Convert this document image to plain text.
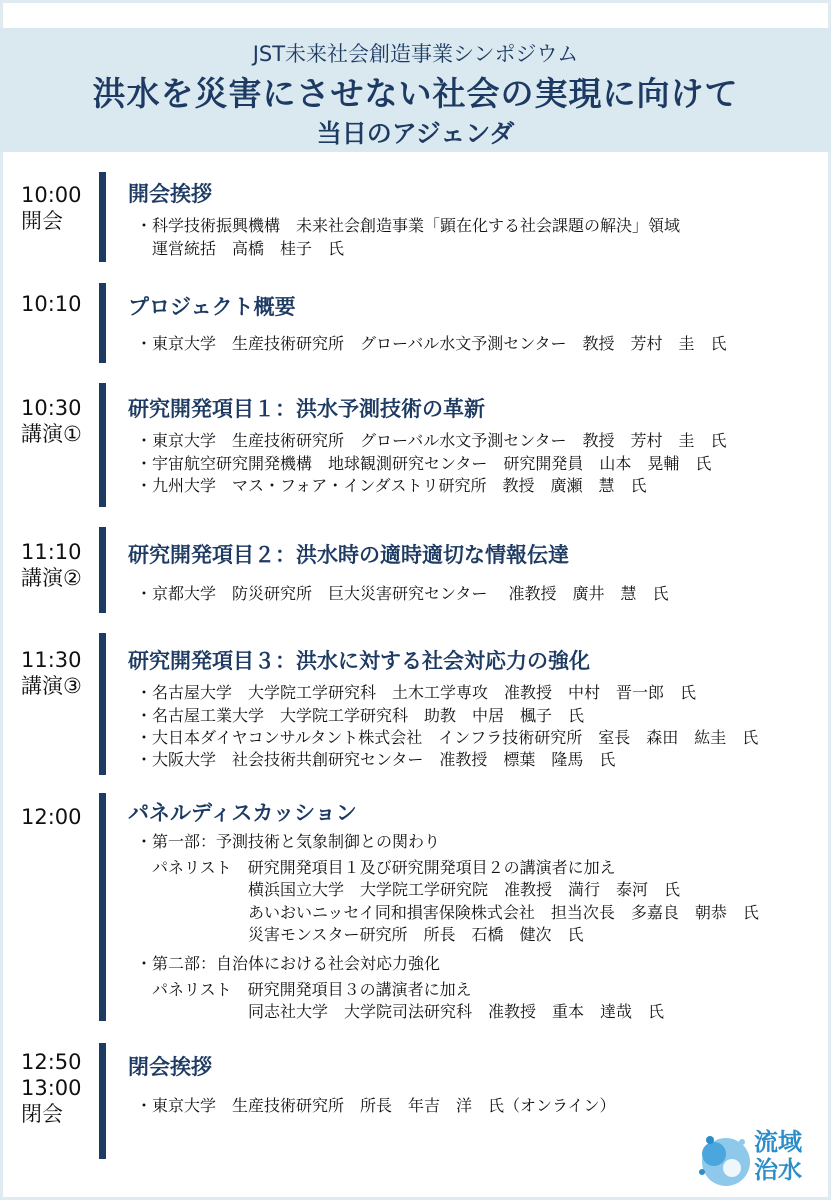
JST未来社会創造事業シンポジウム
洪水を災害にさせない社会の実現に向けて
当日のアジェンダ
10:00
開会
開会挨拶
・科学技術振興機構　未来社会創造事業「顕在化する社会課題の解決」領域
　運営統括　高橋　桂子　氏
10:10 プロジェクト概要
・東京大学　生産技術研究所　グローバル水文予測センター　教授　芳村　圭　氏
10:30
講演①
研究開発項目１：洪水予測技術の革新
・東京大学　生産技術研究所　グローバル水文予測センター　教授　芳村　圭　氏
・宇宙航空研究開発機構　地球観測研究センター　研究開発員　山本　晃輔　氏
・九州大学　マス・フォア・インダストリ研究所　教授　廣瀬　慧　氏
11:10
講演②
研究開発項目２：洪水時の適時適切な情報伝達
・京都大学　防災研究所　巨大災害研究センター　 准教授　廣井　慧　氏
11:30
講演③
研究開発項目３：洪水に対する社会対応力の強化
・名古屋大学　大学院工学研究科　土木工学専攻　准教授　中村　晋一郎　氏
・名古屋工業大学　大学院工学研究科　助教　中居　楓子　氏
・大日本ダイヤコンサルタント株式会社　インフラ技術研究所　室長　森田　紘圭　氏
・大阪大学　社会技術共創研究センター　准教授　標葉　隆馬　氏
12:00 パネルディスカッション
・第一部：予測技術と気象制御との関わり
　パネリスト　研究開発項目１及び研究開発項目２の講演者に加え
　　　　　　　横浜国立大学　大学院工学研究院　准教授　満行　泰河　氏
　　　　　　　あいおいニッセイ同和損害保険株式会社　担当次長　多嘉良　朝恭　氏
　　　　　　　災害モンスター研究所　所長　石橋　健次　氏
・第二部：自治体における社会対応力強化
　パネリスト　研究開発項目３の講演者に加え
　　　　　　　同志社大学　大学院司法研究科　准教授　重本　達哉　氏
12:50
13:00
閉会
閉会挨拶
・東京大学　生産技術研究所　所長　年吉　洋　氏（オンライン）
流域
治水
